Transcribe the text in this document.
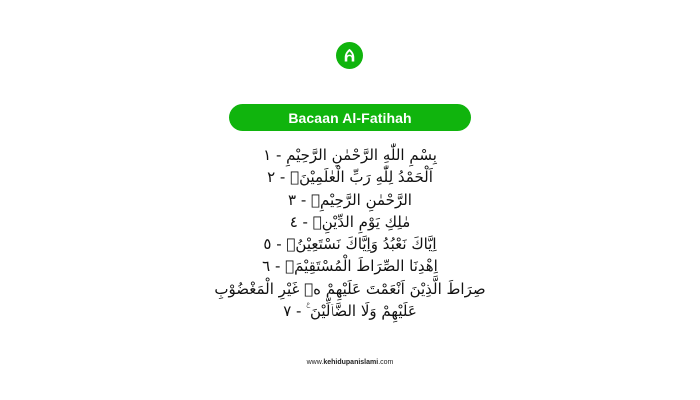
Bacaan Al-Fatihah
بِسْمِ اللّٰهِ الرَّحْمٰنِ الرَّحِيْمِ - ١
اَلْحَمْدُ لِلّٰهِ رَبِّ الْعٰلَمِيْنَۙ - ٢
الرَّحْمٰنِ الرَّحِيْمِۙ - ٣
مٰلِكِ يَوْمِ الدِّيْنِۗ - ٤
اِيَّاكَ نَعْبُدُ وَاِيَّاكَ نَسْتَعِيْنُۗ - ٥
اِهْدِنَا الصِّرَاطَ الْمُسْتَقِيْمَۙ - ٦
صِرَاطَ الَّذِيْنَ اَنْعَمْتَ عَلَيْهِمْ ەۙ غَيْرِ الْمَغْضُوْبِ
عَلَيْهِمْ وَلَا الضَّاۤلِّيْنَ ࣖ - ٧
www.kehidupanislami.com
